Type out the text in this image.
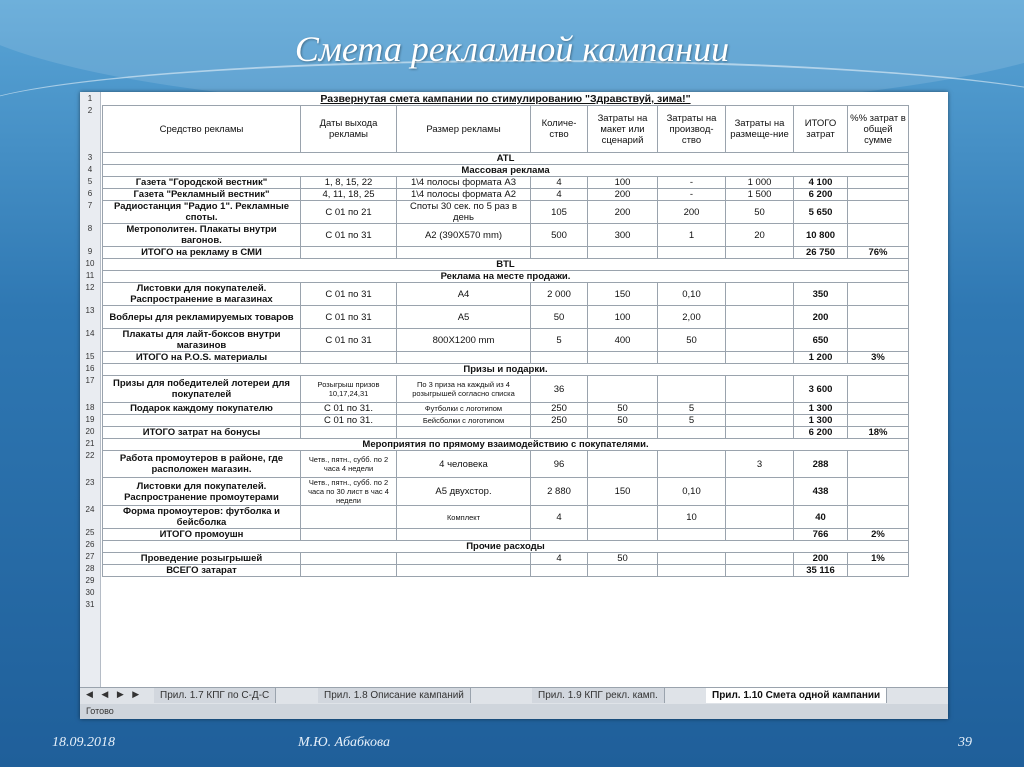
Смета рекламной кампании
1
2
3
4
5
6
7
8
9
10
11
12
13
14
15
16
17
18
19
20
21
22
23
24
25
26
27
28
29
30
31
Развернутая смета кампании по стимулированию "Здравствуй, зима!"								
Средство рекламы	Даты выхода рекламы	Размер рекламы	Количе-ство	Затраты на макет или сценарий	Затраты на производ-ство	Затраты на размеще-ние	ИТОГО затрат	%% затрат в общей сумме
ATL								
Массовая реклама								
Газета "Городской вестник"	1, 8, 15, 22	1\4 полосы формата А3	4	100	-	1 000	4 100	
Газета "Рекламный вестник"	4, 11, 18, 25	1\4 полосы формата А2	4	200	-	1 500	6 200	
Радиостанция "Радио 1". Рекламные споты.	С 01 по 21	Споты 30 сек. по 5 раз в день	105	200	200	50	5 650	
Метрополитен. Плакаты внутри вагонов.	С 01 по 31	А2 (390Х570 mm)	500	300	1	20	10 800	
ИТОГО на рекламу в СМИ							26 750	76%
BTL								
Реклама на месте продажи.								
Листовки для покупателей. Распространение в магазинах	С 01 по 31	А4	2 000	150	0,10		350	
Воблеры для рекламируемых товаров	С 01 по 31	А5	50	100	2,00		200	
Плакаты для лайт-боксов внутри магазинов	С 01 по 31	800Х1200 mm	5	400	50		650	
ИТОГО на P.O.S. материалы							1 200	3%
Призы и подарки.								
Призы для победителей лотереи для покупателей	Розыгрыш призов 10,17,24,31	По 3 приза на каждый из 4 розыгрышей согласно списка	36				3 600	
Подарок каждому покупателю	С 01 по 31.	Футболки с логотипом	250	50	5		1 300	
	С 01 по 31.	Бейсболки с логотипом	250	50	5		1 300	
ИТОГО затрат на бонусы							6 200	18%
Мероприятия по прямому взаимодействию с покупателями.								
Работа промоутеров в районе, где расположен магазин.	Четв., пятн., субб. по 2 часа 4 недели	4 человека	96			3	288	
Листовки для покупателей. Распространение промоутерами	Четв., пятн., субб. по 2 часа по 30 лист в час 4 недели	А5 двухстор.	2 880	150	0,10		438	
Форма промоутеров: футболка и бейсболка		Комплект	4		10		40	
ИТОГО промоушн							766	2%
Прочие расходы								
Проведение розыгрышей			4	50			200	1%
ВСЕГО затарат							35 116	
◀ ◀ ▶ ▶	Прил. 1.7 КПГ по С-Д-С	Прил. 1.8 Описание кампаний	Прил. 1.9 КПГ рекл. камп.	Прил. 1.10 Смета одной кампании
Готово
18.09.2018	М.Ю. Абабкова	39
